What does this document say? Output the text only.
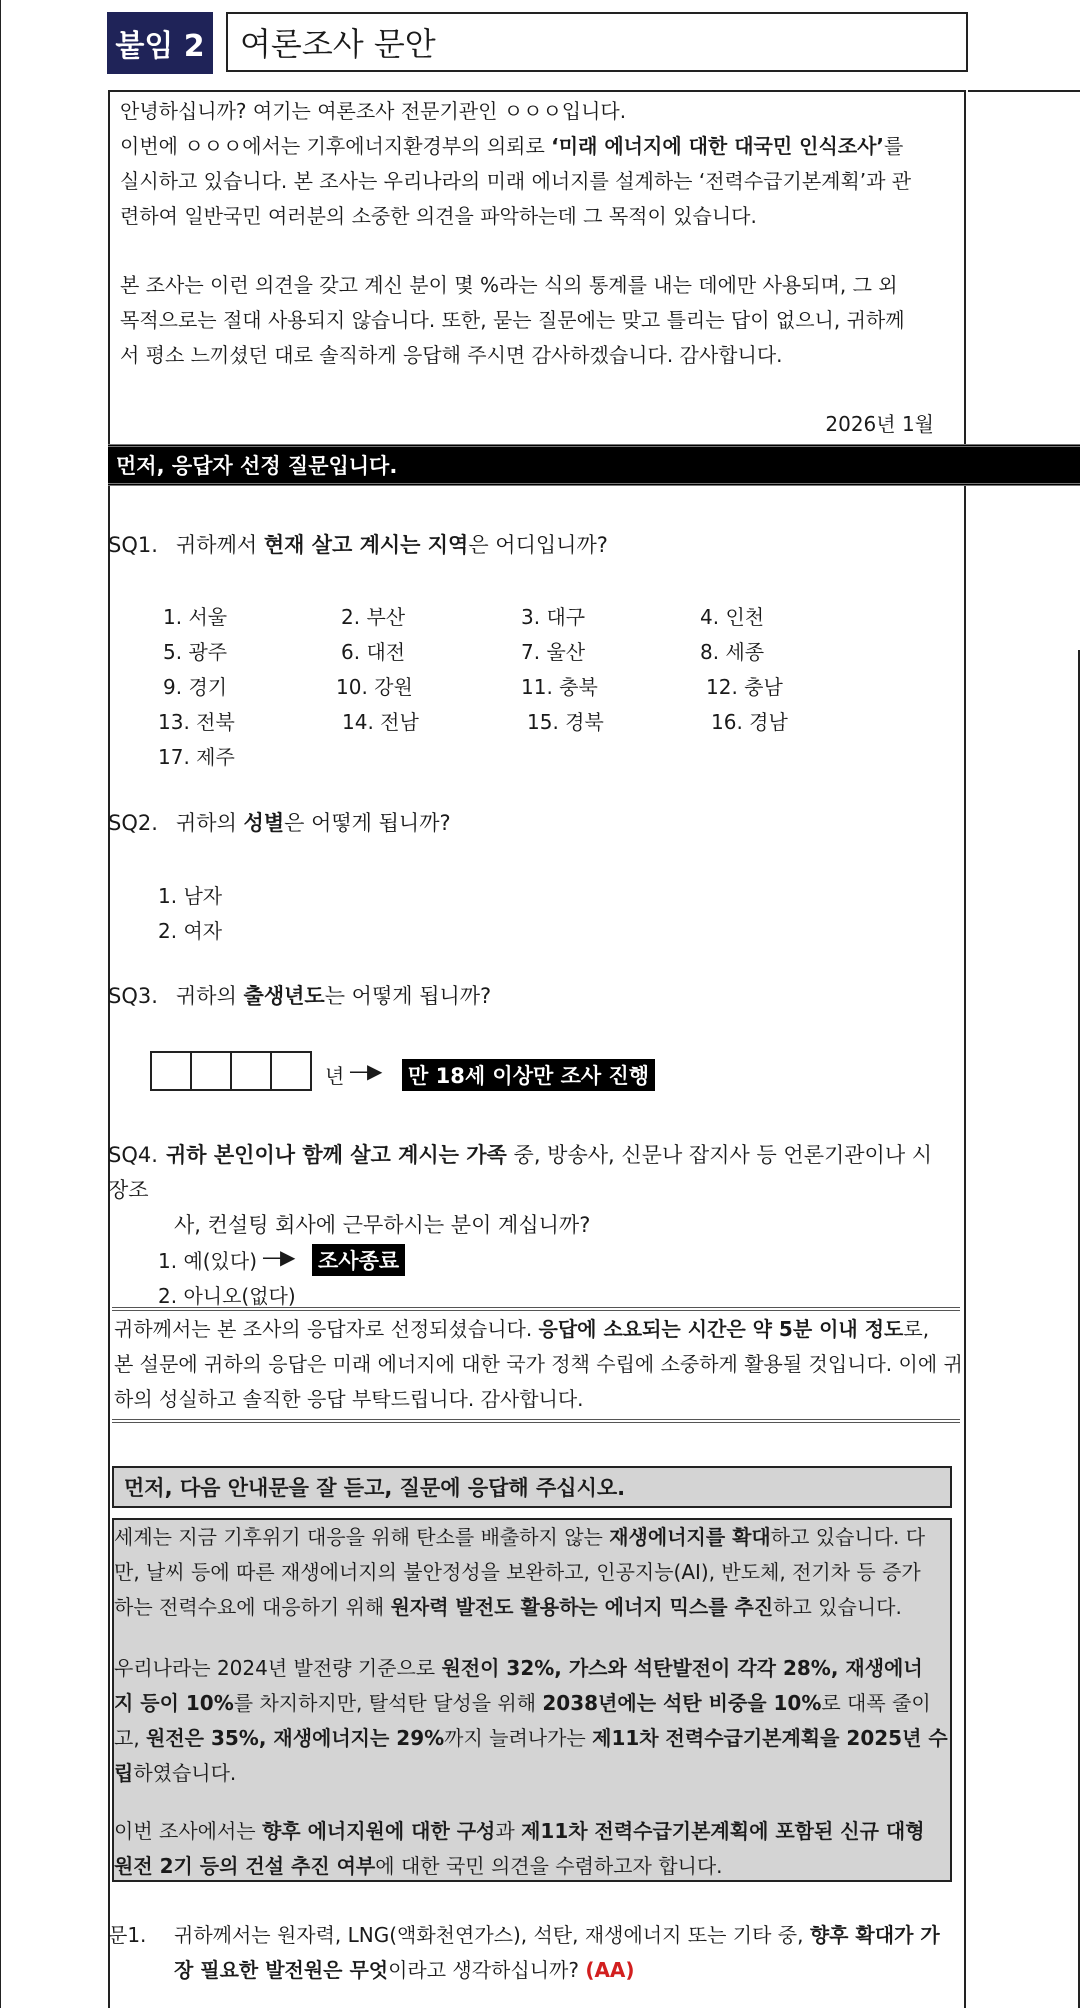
붙임 2 여론조사 문안

안녕하십니까? 여기는 여론조사 전문기관인 ㅇㅇㅇ입니다.
이번에 ㅇㅇㅇ에서는 기후에너지환경부의 의뢰로 ‘미래 에너지에 대한 대국민 인식조사’를
실시하고 있습니다. 본 조사는 우리나라의 미래 에너지를 설계하는 ‘전력수급기본계획’과 관
련하여 일반국민 여러분의 소중한 의견을 파악하는데 그 목적이 있습니다.

본 조사는 이런 의견을 갖고 계신 분이 몇 %라는 식의 통계를 내는 데에만 사용되며, 그 외
목적으로는 절대 사용되지 않습니다. 또한, 묻는 질문에는 맞고 틀리는 답이 없으니, 귀하께
서 평소 느끼셨던 대로 솔직하게 응답해 주시면 감사하겠습니다. 감사합니다.

2026년 1월
먼저, 응답자 선정 질문입니다.
SQ1. 귀하께서 현재 살고 계시는 지역은 어디입니까?
1. 서울	2. 부산	3. 대구	4. 인천
5. 광주	6. 대전	7. 울산	8. 세종
9. 경기	10. 강원	11. 충북	12. 충남
13. 전북	14. 전남	15. 경북	16. 경남
17. 제주
SQ2. 귀하의 성별은 어떻게 됩니까?
1. 남자
2. 여자
SQ3. 귀하의 출생년도는 어떻게 됩니까?
년 —▶ 만 18세 이상만 조사 진행
SQ4. 귀하 본인이나 함께 살고 계시는 가족 중, 방송사, 신문나 잡지사 등 언론기관이나 시장조

사, 컨설팅 회사에 근무하시는 분이 계십니까?
1. 예(있다) —▶ 조사종료
2. 아니오(없다)

귀하께서는 본 조사의 응답자로 선정되셨습니다. 응답에 소요되는 시간은 약 5분 이내 정도로,
본 설문에 귀하의 응답은 미래 에너지에 대한 국가 정책 수립에 소중하게 활용될 것입니다. 이에 귀
하의 성실하고 솔직한 응답 부탁드립니다. 감사합니다.

먼저, 다음 안내문을 잘 듣고, 질문에 응답해 주십시오.

세계는 지금 기후위기 대응을 위해 탄소를 배출하지 않는 재생에너지를 확대하고 있습니다. 다
만, 날씨 등에 따른 재생에너지의 불안정성을 보완하고, 인공지능(AI), 반도체, 전기차 등 증가
하는 전력수요에 대응하기 위해 원자력 발전도 활용하는 에너지 믹스를 추진하고 있습니다.

우리나라는 2024년 발전량 기준으로 원전이 32%, 가스와 석탄발전이 각각 28%, 재생에너
지 등이 10%를 차지하지만, 탈석탄 달성을 위해 2038년에는 석탄 비중을 10%로 대폭 줄이
고, 원전은 35%, 재생에너지는 29%까지 늘려나가는 제11차 전력수급기본계획을 2025년 수
립하였습니다.

이번 조사에서는 향후 에너지원에 대한 구성과 제11차 전력수급기본계획에 포함된 신규 대형
원전 2기 등의 건설 추진 여부에 대한 국민 의견을 수렴하고자 합니다.

문1. 귀하께서는 원자력, LNG(액화천연가스), 석탄, 재생에너지 또는 기타 중, 향후 확대가 가

장 필요한 발전원은 무엇이라고 생각하십니까? (AA)
